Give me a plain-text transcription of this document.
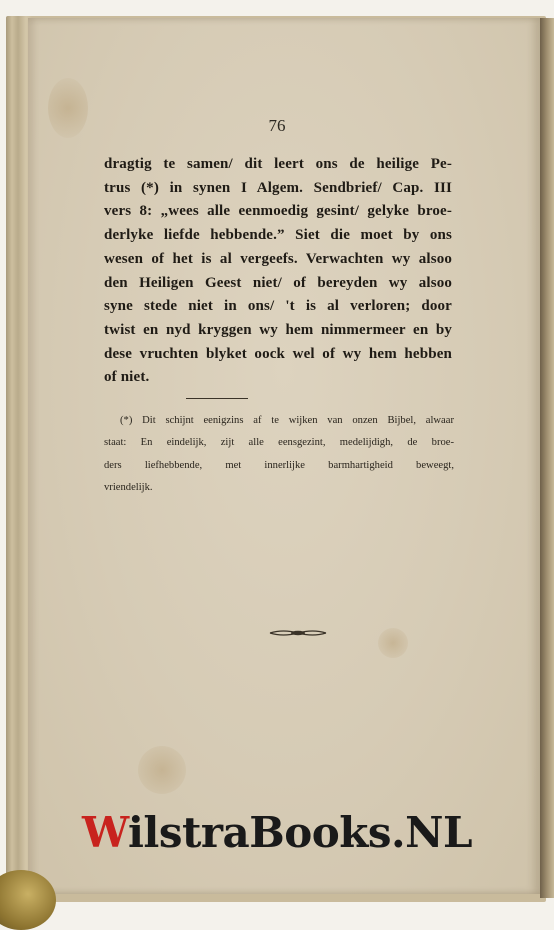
76
dragtig te samen/ dit leert ons de heilige Pe-
trus (*) in synen I Algem. Sendbrief/ Cap. III
vers 8: „wees alle eenmoedig gesint/ gelyke broe-
derlyke liefde hebbende.” Siet die moet by ons
wesen of het is al vergeefs. Verwachten wy alsoo
den Heiligen Geest niet/ of bereyden wy alsoo
syne stede niet in ons/ 't is al verloren; door
twist en nyd kryggen wy hem nimmermeer en by
dese vruchten blyket oock wel of wy hem hebben
of niet.
(*) Dit schijnt eenigzins af te wijken van onzen Bijbel, alwaar
staat: En eindelijk, zijt alle eensgezint, medelijdigh, de broe-
ders liefhebbende, met innerlijke barmhartigheid beweegt,
vriendelijk.
WilstraBooks.NL
